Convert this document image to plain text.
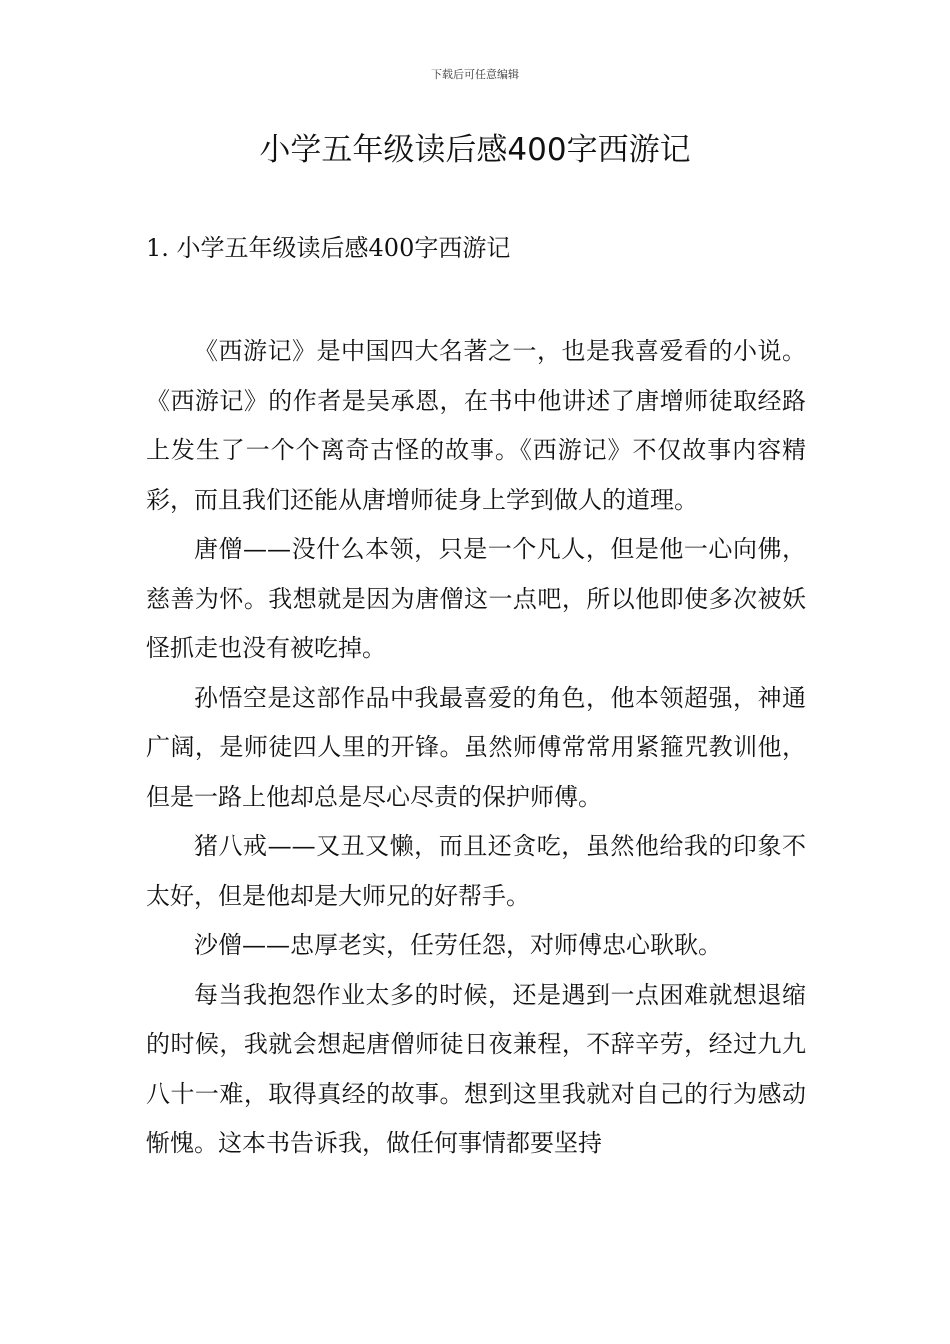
下载后可任意编辑
小学五年级读后感400字西游记
1. 小学五年级读后感400字西游记

《西游记》是中国四大名著之一，也是我喜爱看的小说。《西游记》的作者是吴承恩，在书中他讲述了唐增师徒取经路上发生了一个个离奇古怪的故事。《西游记》不仅故事内容精彩，而且我们还能从唐增师徒身上学到做人的道理。

唐僧——没什么本领，只是一个凡人，但是他一心向佛，慈善为怀。我想就是因为唐僧这一点吧，所以他即使多次被妖怪抓走也没有被吃掉。

孙悟空是这部作品中我最喜爱的角色，他本领超强，神通广阔，是师徒四人里的开锋。虽然师傅常常用紧箍咒教训他，但是一路上他却总是尽心尽责的保护师傅。

猪八戒——又丑又懒，而且还贪吃，虽然他给我的印象不太好，但是他却是大师兄的好帮手。

沙僧——忠厚老实，任劳任怨，对师傅忠心耿耿。

每当我抱怨作业太多的时候，还是遇到一点困难就想退缩的时候，我就会想起唐僧师徒日夜兼程，不辞辛劳，经过九九八十一难，取得真经的故事。想到这里我就对自己的行为感动惭愧。这本书告诉我，做任何事情都要坚持
